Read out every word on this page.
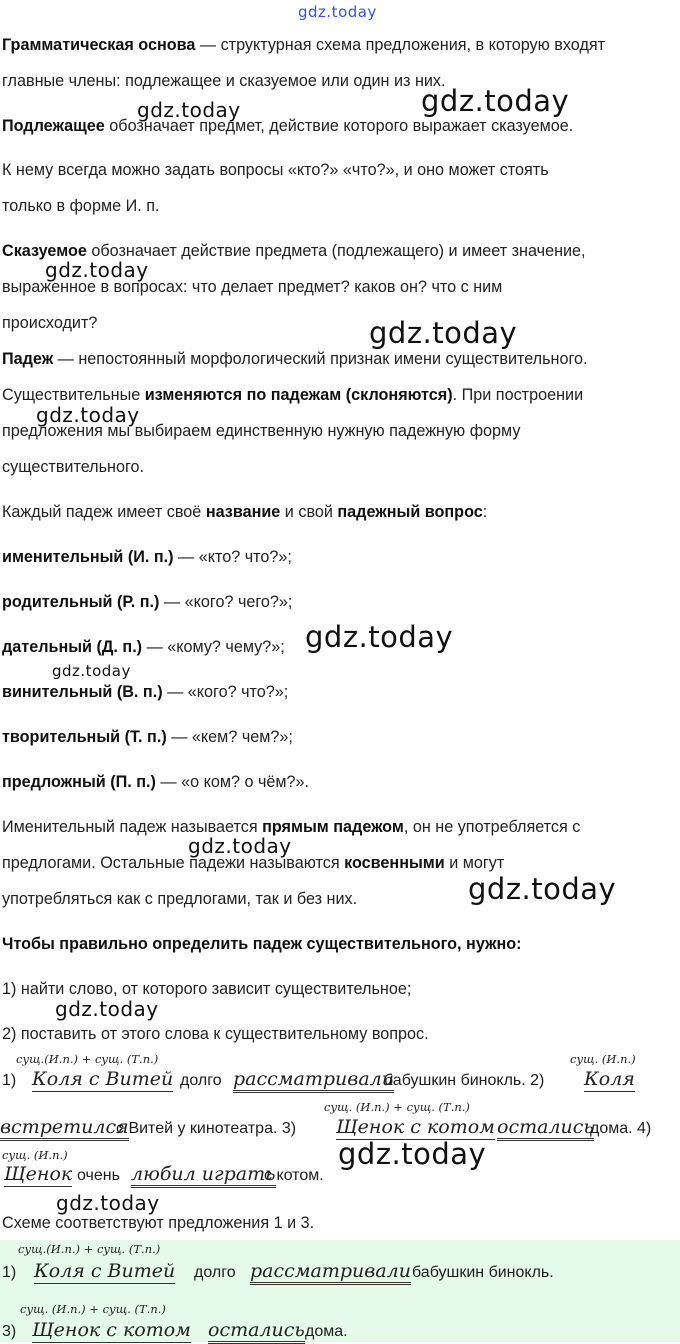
gdz.today
Грамматическая основа — структурная схема предложения, в которую входят
главные члены: подлежащее и сказуемое или один из них.
Подлежащее обозначает предмет, действие которого выражает сказуемое.
К нему всегда можно задать вопросы «кто?» «что?», и оно может стоять
только в форме И. п.
Сказуемое обозначает действие предмета (подлежащего) и имеет значение,
выраженное в вопросах: что делает предмет? каков он? что с ним
происходит?
Падеж — непостоянный морфологический признак имени существительного.
Существительные изменяются по падежам (склоняются). При построении
предложения мы выбираем единственную нужную падежную форму
существительного.
Каждый падеж имеет своё название и свой падежный вопрос:
именительный (И. п.) — «кто? что?»;
родительный (Р. п.) — «кого? чего?»;
дательный (Д. п.) — «кому? чему?»;
винительный (В. п.) — «кого? что?»;
творительный (Т. п.) — «кем? чем?»;
предложный (П. п.) — «о ком? о чём?».
Именительный падеж называется прямым падежом, он не употребляется с
предлогами. Остальные падежи называются косвенными и могут
употребляться как с предлогами, так и без них.
Чтобы правильно определить падеж существительного, нужно:
1) найти слово, от которого зависит существительное;
2) поставить от этого слова к существительному вопрос.
сущ.(И.п.) + сущ. (Т.п.)	сущ. (И.п.)
1) Коля с Витей долго рассматривали
бабушкин бинокль. 2) Коля
сущ. (И.п.) + сущ. (Т.п.)
встретился
с Витей у кинотеатра. 3) Щенок с котом остались
дома. 4)
сущ. (И.п.)
Щенок очень любил играть
с котом.
Схеме соответствуют предложения 1 и 3.
сущ.(И.п.) + сущ. (Т.п.)
1) Коля с Витей долго рассматривали бабушкин бинокль.
сущ. (И.п.) + сущ. (Т.п.)
3) Щенок с котом остались дома.
gdz.today	gdz.today
gdz.today
gdz.today
gdz.today
gdz.today
gdz.today
gdz.today
gdz.today
gdz.today
gdz.today
gdz.today
